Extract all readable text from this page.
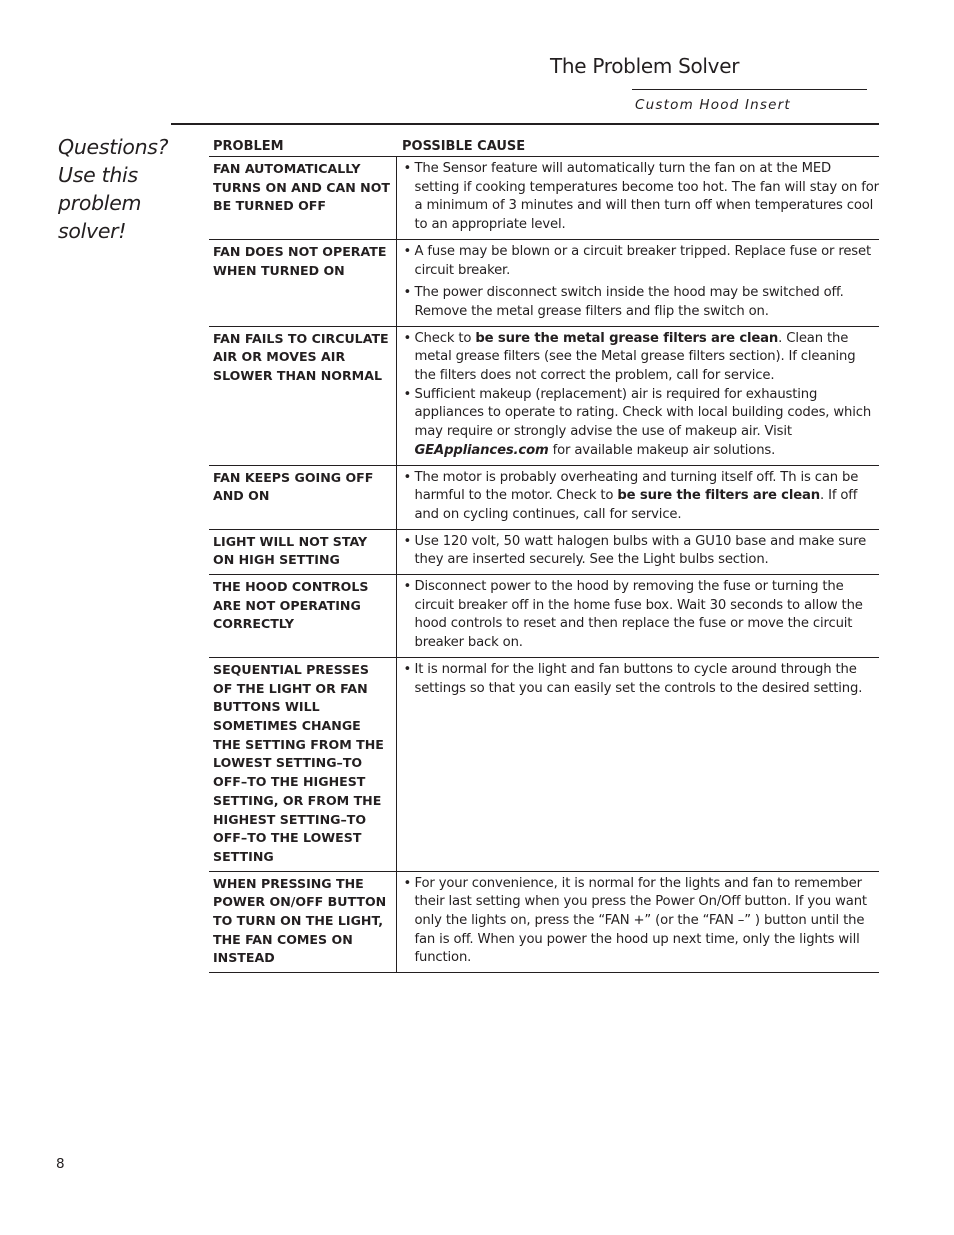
The Problem Solver
Custom Hood Insert
Questions? Use this problem solver!
PROBLEM	POSSIBLE CAUSE
FAN AUTOMATICALLY TURNS ON AND CAN NOT BE TURNED OFF	• The Sensor feature will automatically turn the fan on at the MED setting if cooking temperatures become too hot. The fan will stay on for a minimum of 3 minutes and will then turn off when temperatures cool to an appropriate level.

FAN DOES NOT OPERATE WHEN TURNED ON	• A fuse may be blown or a circuit breaker tripped. Replace fuse or reset circuit breaker.

• The power disconnect switch inside the hood may be switched off. Remove the metal grease filters and flip the switch on.

FAN FAILS TO CIRCULATE AIR OR MOVES AIR SLOWER THAN NORMAL	• Check to be sure the metal grease filters are clean. Clean the metal grease filters (see the Metal grease filters section). If cleaning the filters does not correct the problem, call for service.

• Sufficient makeup (replacement) air is required for exhausting appliances to operate to rating. Check with local building codes, which may require or strongly advise the use of makeup air. Visit GEAppliances.com for available makeup air solutions.

FAN KEEPS GOING OFF AND ON	• The motor is probably overheating and turning itself off. Th is can be harmful to the motor. Check to be sure the filters are clean. If off and on cycling continues, call for service.

LIGHT WILL NOT STAY ON HIGH SETTING	• Use 120 volt, 50 watt halogen bulbs with a GU10 base and make sure they are inserted securely. See the Light bulbs section.

THE HOOD CONTROLS ARE NOT OPERATING CORRECTLY	• Disconnect power to the hood by removing the fuse or turning the circuit breaker off in the home fuse box. Wait 30 seconds to allow the hood controls to reset and then replace the fuse or move the circuit breaker back on.

SEQUENTIAL PRESSES OF THE LIGHT OR FAN BUTTONS WILL SOMETIMES CHANGE THE SETTING FROM THE LOWEST SETTING–TO OFF–TO THE HIGHEST SETTING, OR FROM THE HIGHEST SETTING–TO OFF–TO THE LOWEST SETTING	• It is normal for the light and fan buttons to cycle around through the settings so that you can easily set the controls to the desired setting.

WHEN PRESSING THE POWER ON/OFF BUTTON TO TURN ON THE LIGHT, THE FAN COMES ON INSTEAD	• For your convenience, it is normal for the lights and fan to remember their last setting when you press the Power On/Off button. If you want only the lights on, press the “FAN +” (or the “FAN –” ) button until the fan is off. When you power the hood up next time, only the lights will function.

8
